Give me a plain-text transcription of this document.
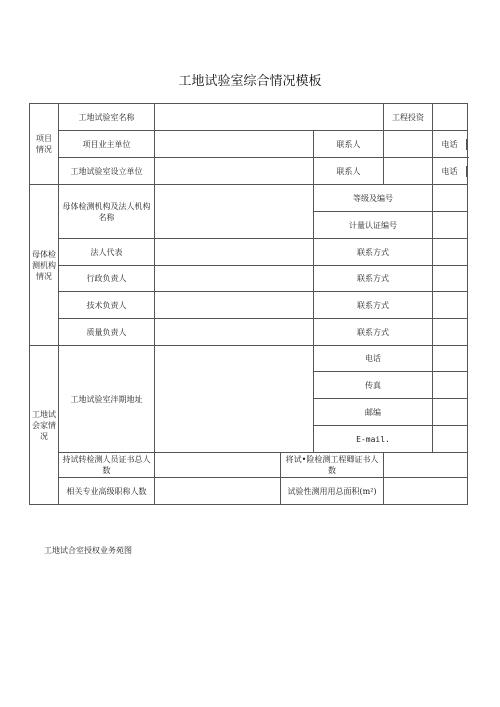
工地试验室综合情况模板
项目
情况	工地试验室名称				工程投资	
	项目业主单位			联系人		电话

	工地试验室设立单位			联系人		电话

母体检
测机构
情况	母体检测机构及法人机构名称			等级及编号		
				计量认证编号		
	法人代表			联系方式		
	行政负责人			联系方式		
	技术负责人			联系方式		
	质量负责人			联系方式		
工地试
会家情
况	工地试验室泮期地址			电话		
				传真		
				邮编		
				E-mail.		
	持试转检测人员证书总人数		将试•险检测工程卿证书人数			
	相关专业高级职称人数		试验性测用用总面积(m²)			
工地试合室授权业务苑图
